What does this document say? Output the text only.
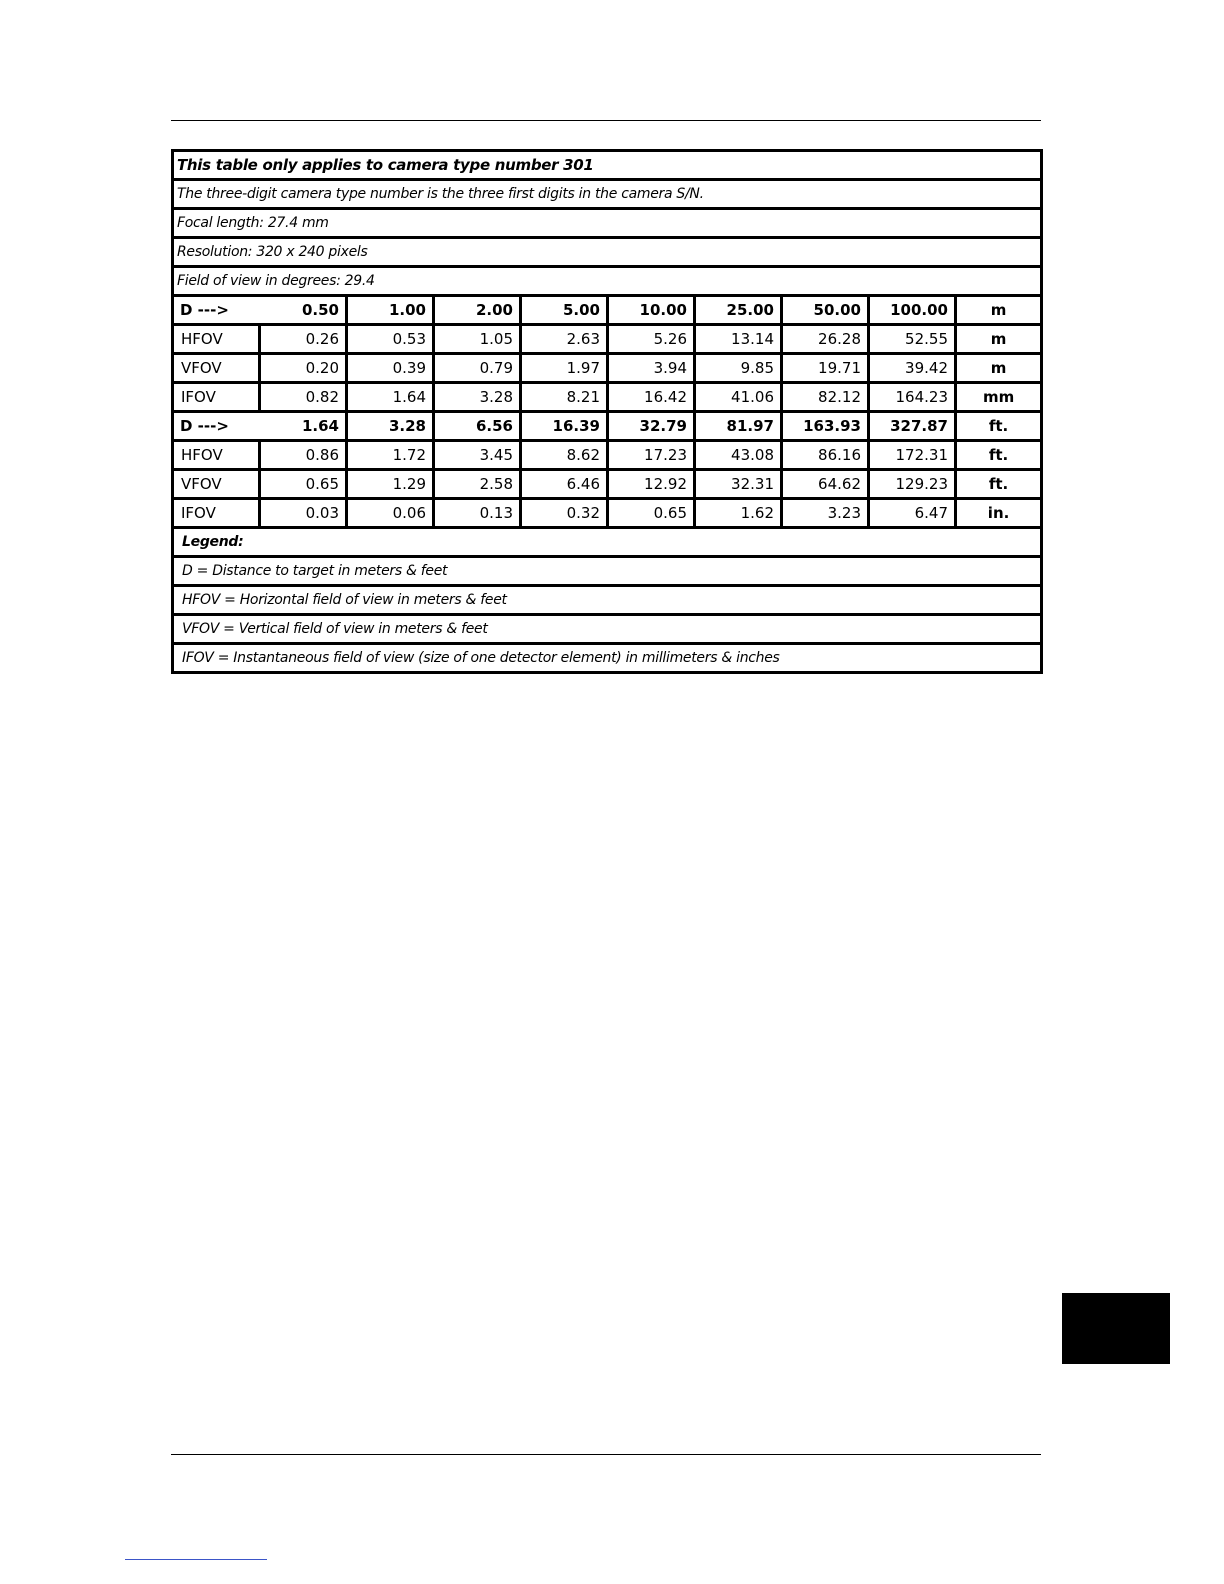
This table only applies to camera type number 301									
The three-digit camera type number is the three first digits in the camera S/N.									
Focal length: 27.4 mm									
Resolution: 320 x 240 pixels									
Field of view in degrees: 29.4									
D --->	0.50	1.00	2.00	5.00	10.00	25.00	50.00	100.00	m
HFOV	0.26	0.53	1.05	2.63	5.26	13.14	26.28	52.55	m
VFOV	0.20	0.39	0.79	1.97	3.94	9.85	19.71	39.42	m
IFOV	0.82	1.64	3.28	8.21	16.42	41.06	82.12	164.23	mm
D --->	1.64	3.28	6.56	16.39	32.79	81.97	163.93	327.87	ft.
HFOV	0.86	1.72	3.45	8.62	17.23	43.08	86.16	172.31	ft.
VFOV	0.65	1.29	2.58	6.46	12.92	32.31	64.62	129.23	ft.
IFOV	0.03	0.06	0.13	0.32	0.65	1.62	3.23	6.47	in.
Legend:									
D = Distance to target in meters & feet									
HFOV = Horizontal field of view in meters & feet									
VFOV = Vertical field of view in meters & feet									
IFOV = Instantaneous field of view (size of one detector element) in millimeters & inches									
